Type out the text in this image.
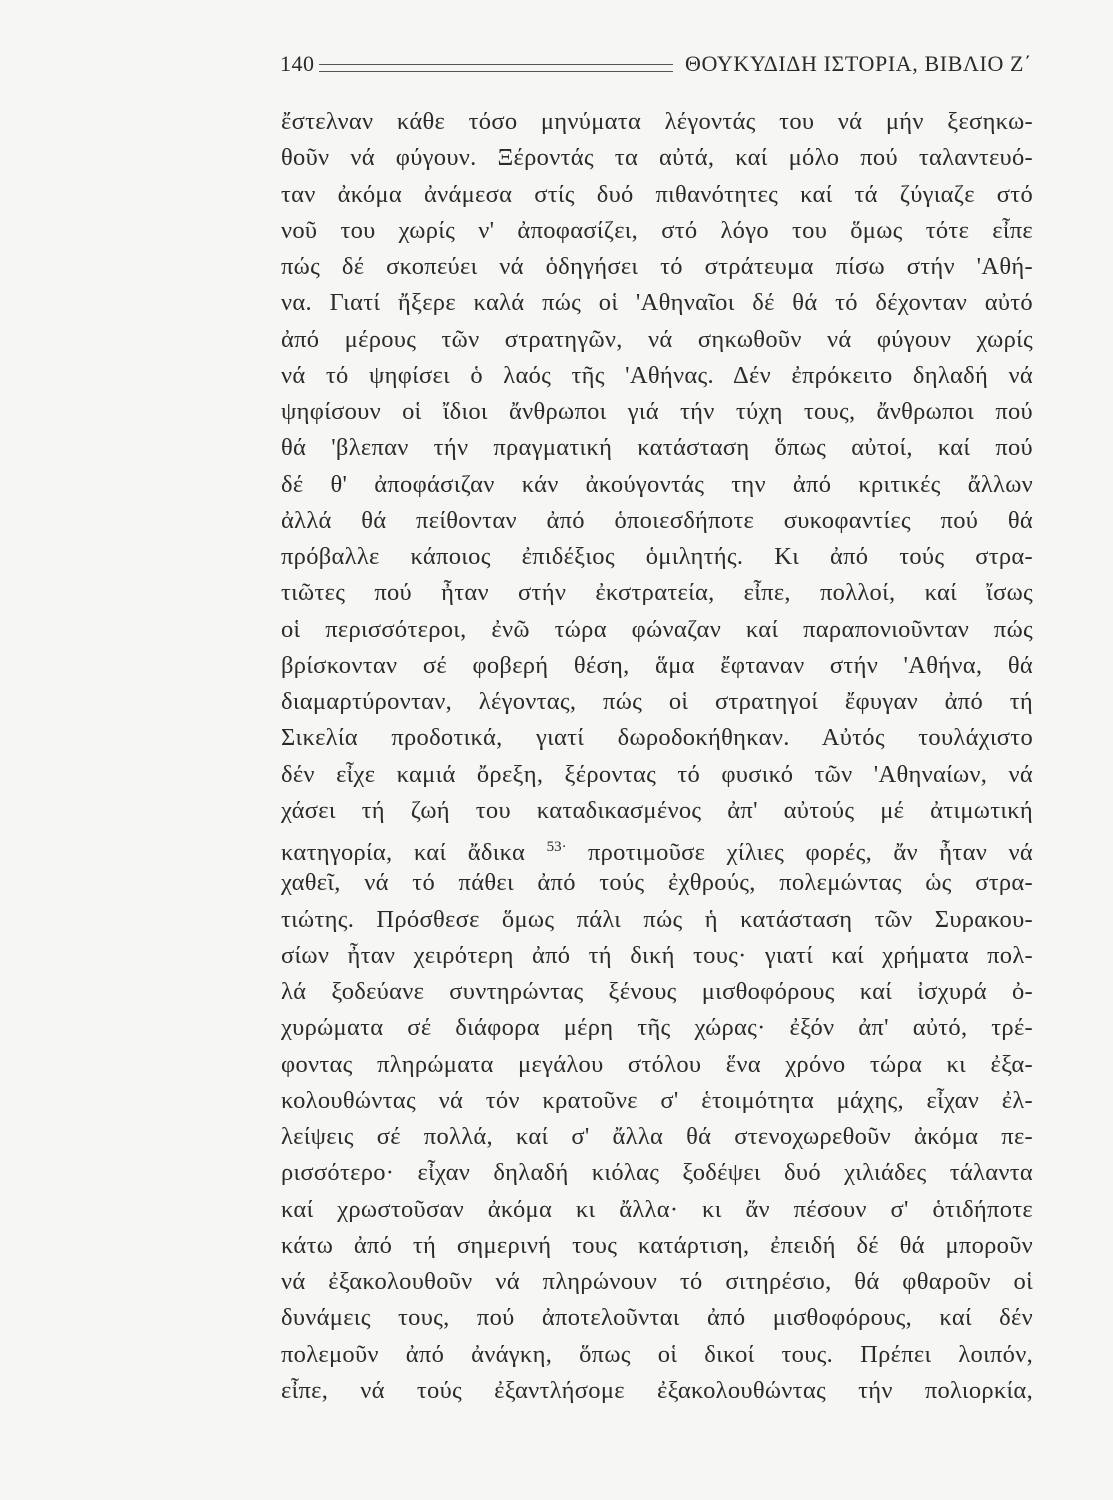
140	ΘΟΥΚΥΔΙΔΗ ΙΣΤΟΡΙΑ, ΒΙΒΛΙΟ Ζ΄
ἔστελναν κάθε τόσο μηνύματα λέγοντάς του νά μήν ξεσηκω-
θοῦν νά φύγουν. Ξέροντάς τα αὐτά, καί μόλο πού ταλαντευό-
ταν ἀκόμα ἀνάμεσα στίς δυό πιθανότητες καί τά ζύγιαζε στό
νοῦ του χωρίς ν' ἀποφασίζει, στό λόγο του ὅμως τότε εἶπε
πώς δέ σκοπεύει νά ὁδηγήσει τό στράτευμα πίσω στήν 'Αθή-
να. Γιατί ἤξερε καλά πώς οἱ 'Αθηναῖοι δέ θά τό δέχονταν αὐτό
ἀπό μέρους τῶν στρατηγῶν, νά σηκωθοῦν νά φύγουν χωρίς
νά τό ψηφίσει ὁ λαός τῆς 'Αθήνας. Δέν ἐπρόκειτο δηλαδή νά
ψηφίσουν οἱ ἴδιοι ἄνθρωποι γιά τήν τύχη τους, ἄνθρωποι πού
θά 'βλεπαν τήν πραγματική κατάσταση ὅπως αὐτοί, καί πού
δέ θ' ἀποφάσιζαν κάν ἀκούγοντάς την ἀπό κριτικές ἄλλων
ἀλλά θά πείθονταν ἀπό ὁποιεσδήποτε συκοφαντίες πού θά
πρόβαλλε κάποιος ἐπιδέξιος ὁμιλητής. Κι ἀπό τούς στρα-
τιῶτες πού ἦταν στήν ἐκστρατεία, εἶπε, πολλοί, καί ἴσως
οἱ περισσότεροι, ἐνῶ τώρα φώναζαν καί παραπονιοῦνταν πώς
βρίσκονταν σέ φοβερή θέση, ἅμα ἔφταναν στήν 'Αθήνα, θά
διαμαρτύρονταν, λέγοντας, πώς οἱ στρατηγοί ἔφυγαν ἀπό τή
Σικελία προδοτικά, γιατί δωροδοκήθηκαν. Αὐτός τουλάχιστο
δέν εἶχε καμιά ὄρεξη, ξέροντας τό φυσικό τῶν 'Αθηναίων, νά
χάσει τή ζωή του καταδικασμένος ἀπ' αὐτούς μέ ἀτιμωτική
κατηγορία, καί ἄδικα $^{53\cdot}$ προτιμοῦσε χίλιες φορές, ἄν ἦταν νά
χαθεῖ, νά τό πάθει ἀπό τούς ἐχθρούς, πολεμώντας ὡς στρα-
τιώτης. Πρόσθεσε ὅμως πάλι πώς ἡ κατάσταση τῶν Συρακου-
σίων ἦταν χειρότερη ἀπό τή δική τους· γιατί καί χρήματα πολ-
λά ξοδεύανε συντηρώντας ξένους μισθοφόρους καί ἰσχυρά ὀ-
χυρώματα σέ διάφορα μέρη τῆς χώρας· ἐξόν ἀπ' αὐτό, τρέ-
φοντας πληρώματα μεγάλου στόλου ἕνα χρόνο τώρα κι ἐξα-
κολουθώντας νά τόν κρατοῦνε σ' ἑτοιμότητα μάχης, εἶχαν ἐλ-
λείψεις σέ πολλά, καί σ' ἄλλα θά στενοχωρεθοῦν ἀκόμα πε-
ρισσότερο· εἶχαν δηλαδή κιόλας ξοδέψει δυό χιλιάδες τάλαντα
καί χρωστοῦσαν ἀκόμα κι ἄλλα· κι ἄν πέσουν σ' ὁτιδήποτε
κάτω ἀπό τή σημερινή τους κατάρτιση, ἐπειδή δέ θά μποροῦν
νά ἐξακολουθοῦν νά πληρώνουν τό σιτηρέσιο, θά φθαροῦν οἱ
δυνάμεις τους, πού ἀποτελοῦνται ἀπό μισθοφόρους, καί δέν
πολεμοῦν ἀπό ἀνάγκη, ὅπως οἱ δικοί τους. Πρέπει λοιπόν,
εἶπε, νά τούς ἐξαντλήσομε ἐξακολουθώντας τήν πολιορκία,
